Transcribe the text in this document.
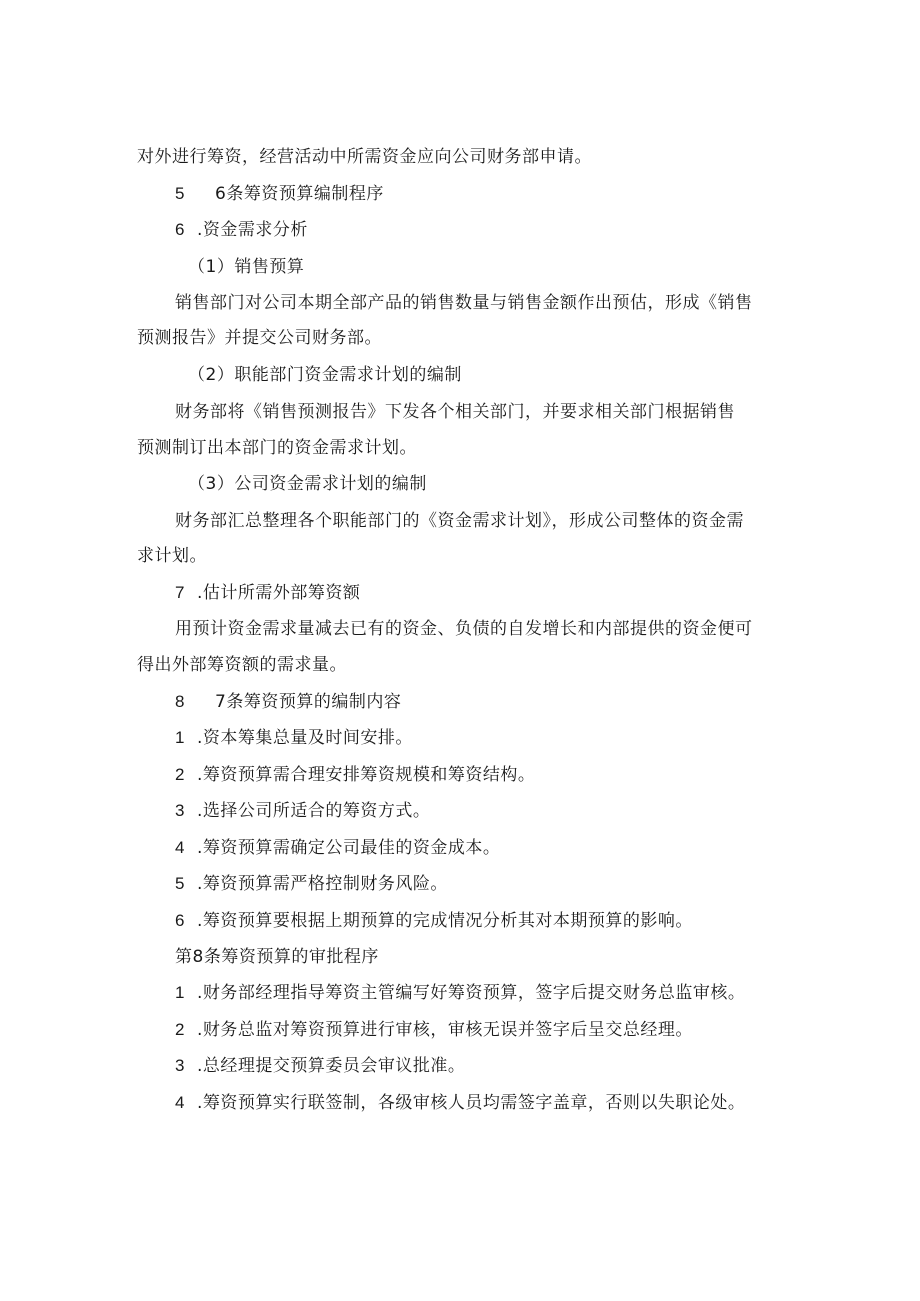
对外进行筹资，经营活动中所需资金应向公司财务部申请。
5 6条筹资预算编制程序
6 .资金需求分析
（1）销售预算
销售部门对公司本期全部产品的销售数量与销售金额作出预估，形成《销售
预测报告》并提交公司财务部。
（2）职能部门资金需求计划的编制
财务部将《销售预测报告》下发各个相关部门，并要求相关部门根据销售
预测制订出本部门的资金需求计划。
（3）公司资金需求计划的编制
财务部汇总整理各个职能部门的《资金需求计划》，形成公司整体的资金需
求计划。
7 .估计所需外部筹资额
用预计资金需求量减去已有的资金、负债的自发增长和内部提供的资金便可
得出外部筹资额的需求量。
8 7条筹资预算的编制内容
1 .资本筹集总量及时间安排。
2 .筹资预算需合理安排筹资规模和筹资结构。
3 .选择公司所适合的筹资方式。
4 .筹资预算需确定公司最佳的资金成本。
5 .筹资预算需严格控制财务风险。
6 .筹资预算要根据上期预算的完成情况分析其对本期预算的影响。
第8条筹资预算的审批程序
1 .财务部经理指导筹资主管编写好筹资预算，签字后提交财务总监审核。
2 .财务总监对筹资预算进行审核，审核无误并签字后呈交总经理。
3 .总经理提交预算委员会审议批准。
4 .筹资预算实行联签制，各级审核人员均需签字盖章，否则以失职论处。
